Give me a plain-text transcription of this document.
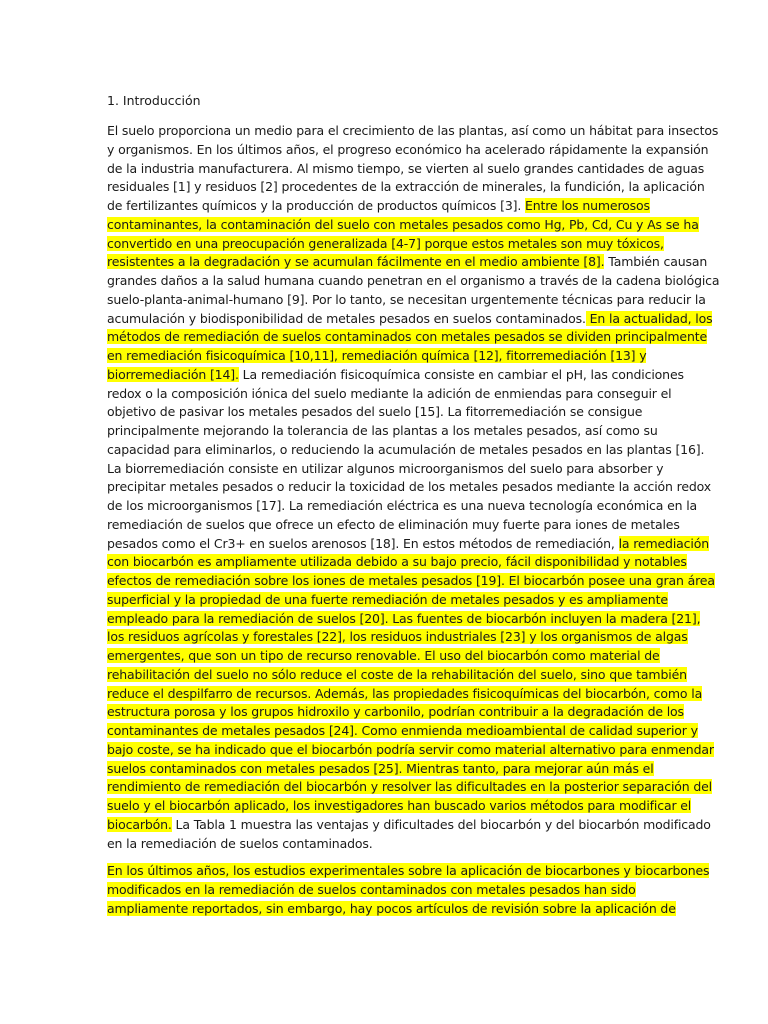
1. Introducción

El suelo proporciona un medio para el crecimiento de las plantas, así como un hábitat para insectos
y organismos. En los últimos años, el progreso económico ha acelerado rápidamente la expansión
de la industria manufacturera. Al mismo tiempo, se vierten al suelo grandes cantidades de aguas
residuales [1] y residuos [2] procedentes de la extracción de minerales, la fundición, la aplicación
de fertilizantes químicos y la producción de productos químicos [3]. Entre los numerosos
contaminantes, la contaminación del suelo con metales pesados como Hg, Pb, Cd, Cu y As se ha
convertido en una preocupación generalizada [4-7] porque estos metales son muy tóxicos,
resistentes a la degradación y se acumulan fácilmente en el medio ambiente [8]. También causan
grandes daños a la salud humana cuando penetran en el organismo a través de la cadena biológica
suelo-planta-animal-humano [9]. Por lo tanto, se necesitan urgentemente técnicas para reducir la
acumulación y biodisponibilidad de metales pesados en suelos contaminados. En la actualidad, los
métodos de remediación de suelos contaminados con metales pesados se dividen principalmente
en remediación fisicoquímica [10,11], remediación química [12], fitorremediación [13] y
biorremediación [14]. La remediación fisicoquímica consiste en cambiar el pH, las condiciones
redox o la composición iónica del suelo mediante la adición de enmiendas para conseguir el
objetivo de pasivar los metales pesados del suelo [15]. La fitorremediación se consigue
principalmente mejorando la tolerancia de las plantas a los metales pesados, así como su
capacidad para eliminarlos, o reduciendo la acumulación de metales pesados en las plantas [16].
La biorremediación consiste en utilizar algunos microorganismos del suelo para absorber y
precipitar metales pesados o reducir la toxicidad de los metales pesados mediante la acción redox
de los microorganismos [17]. La remediación eléctrica es una nueva tecnología económica en la
remediación de suelos que ofrece un efecto de eliminación muy fuerte para iones de metales
pesados como el Cr3+ en suelos arenosos [18]. En estos métodos de remediación, la remediación
con biocarbón es ampliamente utilizada debido a su bajo precio, fácil disponibilidad y notables
efectos de remediación sobre los iones de metales pesados [19]. El biocarbón posee una gran área
superficial y la propiedad de una fuerte remediación de metales pesados y es ampliamente
empleado para la remediación de suelos [20]. Las fuentes de biocarbón incluyen la madera [21],
los residuos agrícolas y forestales [22], los residuos industriales [23] y los organismos de algas
emergentes, que son un tipo de recurso renovable. El uso del biocarbón como material de
rehabilitación del suelo no sólo reduce el coste de la rehabilitación del suelo, sino que también
reduce el despilfarro de recursos. Además, las propiedades fisicoquímicas del biocarbón, como la
estructura porosa y los grupos hidroxilo y carbonilo, podrían contribuir a la degradación de los
contaminantes de metales pesados [24]. Como enmienda medioambiental de calidad superior y
bajo coste, se ha indicado que el biocarbón podría servir como material alternativo para enmendar
suelos contaminados con metales pesados [25]. Mientras tanto, para mejorar aún más el
rendimiento de remediación del biocarbón y resolver las dificultades en la posterior separación del
suelo y el biocarbón aplicado, los investigadores han buscado varios métodos para modificar el
biocarbón. La Tabla 1 muestra las ventajas y dificultades del biocarbón y del biocarbón modificado
en la remediación de suelos contaminados.

En los últimos años, los estudios experimentales sobre la aplicación de biocarbones y biocarbones
modificados en la remediación de suelos contaminados con metales pesados han sido
ampliamente reportados, sin embargo, hay pocos artículos de revisión sobre la aplicación de
